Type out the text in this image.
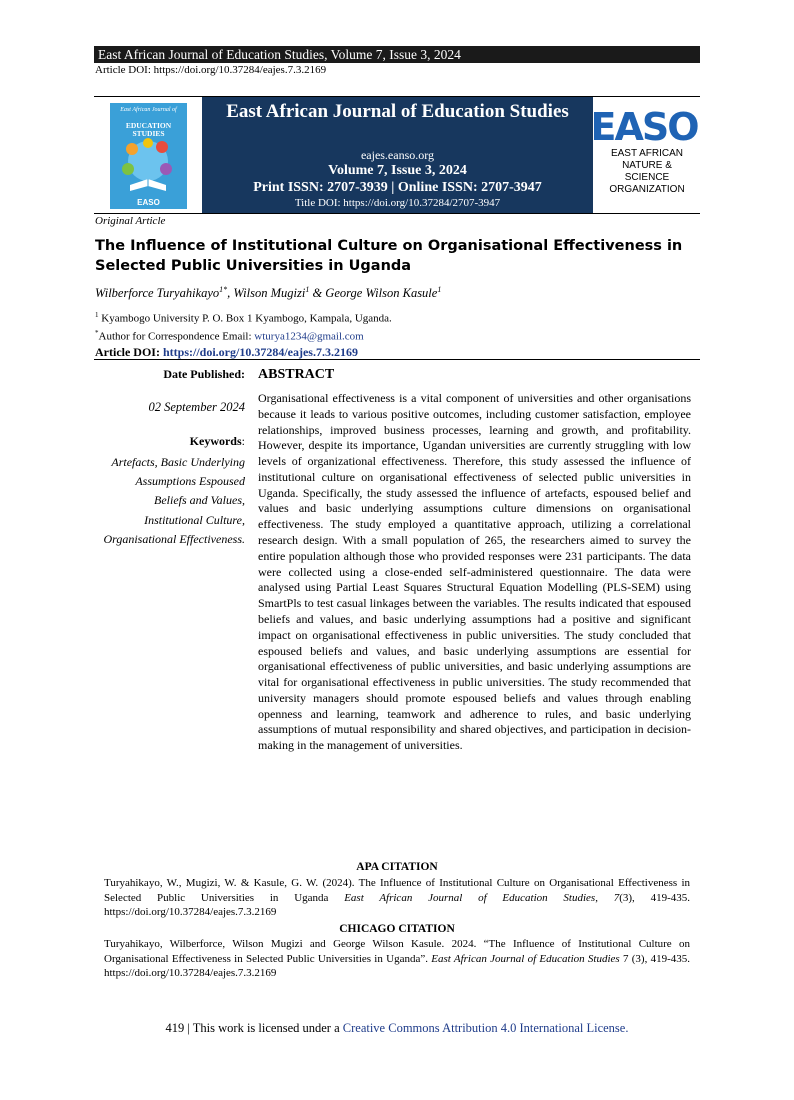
East African Journal of Education Studies, Volume 7, Issue 3, 2024
Article DOI: https://doi.org/10.37284/eajes.7.3.2169
East African Journal of
EDUCATION STUDIES
EASO
East African Journal of Education Studies
eajes.eanso.org
Volume 7, Issue 3, 2024
Print ISSN: 2707-3939 | Online ISSN: 2707-3947
Title DOI: https://doi.org/10.37284/2707-3947
EASO
EAST AFRICAN
NATURE &
SCIENCE
ORGANIZATION
Original Article
The Influence of Institutional Culture on Organisational Effectiveness in Selected Public Universities in Uganda
Wilberforce Turyahikayo$^{1*}$, Wilson Mugizi$^1$ & George Wilson Kasule$^1$
$^1$ Kyambogo University P. O. Box 1 Kyambogo, Kampala, Uganda.
*Author for Correspondence Email: wturya1234@gmail.com
Article DOI: https://doi.org/10.37284/eajes.7.3.2169
Date Published:
02 September 2024
Keywords:
Artefacts, Basic Underlying Assumptions Espoused Beliefs and Values, Institutional Culture, Organisational Effectiveness.
ABSTRACT
Organisational effectiveness is a vital component of universities and other organisations because it leads to various positive outcomes, including customer satisfaction, employee relationships, improved business processes, learning and growth, and profitability. However, despite its importance, Ugandan universities are currently struggling with low levels of organizational effectiveness. Therefore, this study assessed the influence of institutional culture on organisational effectiveness of selected public universities in Uganda. Specifically, the study assessed the influence of artefacts, espoused belief and values and basic underlying assumptions culture dimensions on organisational effectiveness. The study employed a quantitative approach, utilizing a correlational research design. With a small population of 265, the researchers aimed to survey the entire population although those who provided responses were 231 participants. The data were collected using a close-ended self-administered questionnaire. The data were analysed using Partial Least Squares Structural Equation Modelling (PLS-SEM) using SmartPls to test casual linkages between the variables. The results indicated that espoused beliefs and values, and basic underlying assumptions had a positive and significant impact on organisational effectiveness in public universities. The study concluded that espoused beliefs and values, and basic underlying assumptions are essential for organisational effectiveness of public universities, and basic underlying assumptions are vital for organisational effectiveness in public universities. The study recommended that university managers should promote espoused beliefs and values through enabling openness and learning, teamwork and adherence to rules, and basic underlying assumptions of mutual responsibility and shared objectives, and participation in decision-making in the management of universities.
APA CITATION
Turyahikayo, W., Mugizi, W. & Kasule, G. W. (2024). The Influence of Institutional Culture on Organisational Effectiveness in Selected Public Universities in Uganda East African Journal of Education Studies, 7(3), 419-435. https://doi.org/10.37284/eajes.7.3.2169
CHICAGO CITATION
Turyahikayo, Wilberforce, Wilson Mugizi and George Wilson Kasule. 2024. “The Influence of Institutional Culture on Organisational Effectiveness in Selected Public Universities in Uganda”. East African Journal of Education Studies 7 (3), 419-435. https://doi.org/10.37284/eajes.7.3.2169
419 | This work is licensed under a Creative Commons Attribution 4.0 International License.
